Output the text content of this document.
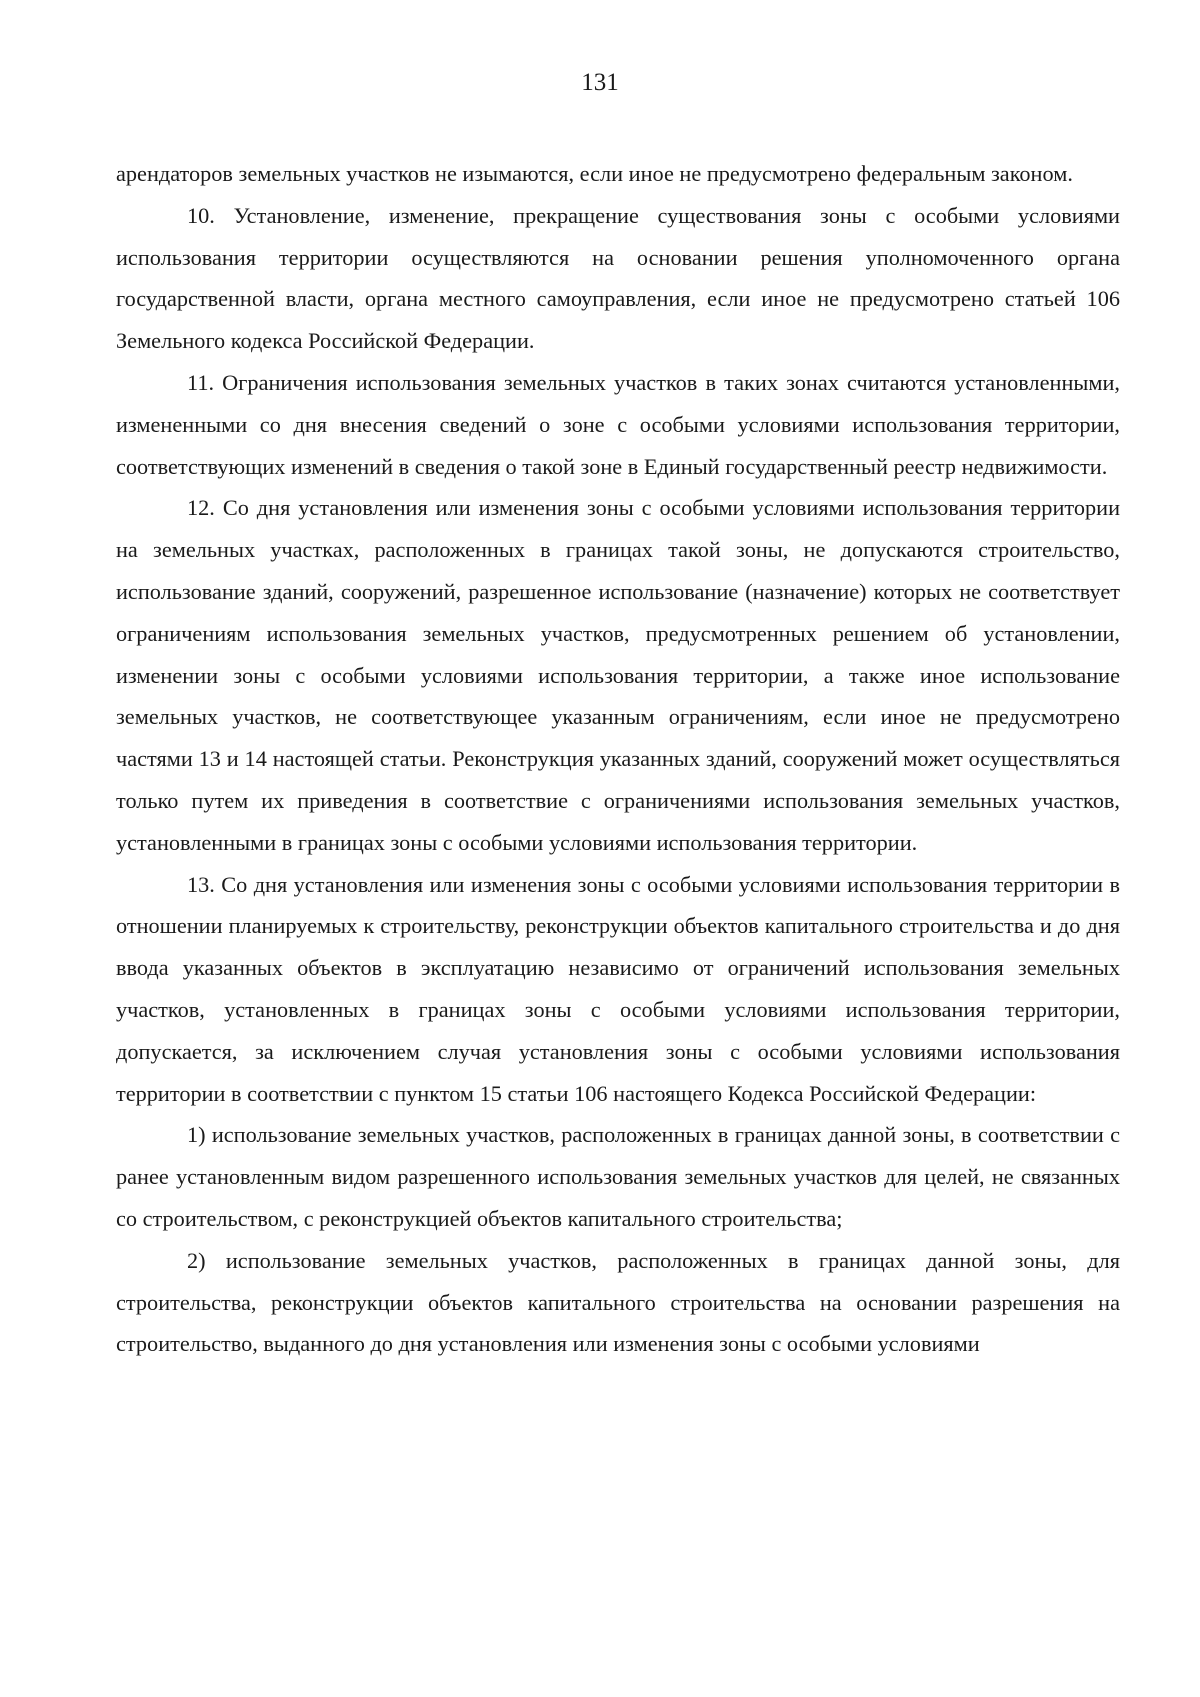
131

арендаторов земельных участков не изымаются, если иное не предусмотрено федеральным законом.

10. Установление, изменение, прекращение существования зоны с особыми условиями использования территории осуществляются на основании решения уполномоченного органа государственной власти, органа местного самоуправления, если иное не предусмотрено статьей 106 Земельного кодекса Российской Федерации.

11. Ограничения использования земельных участков в таких зонах считаются установленными, измененными со дня внесения сведений о зоне с особыми условиями использования территории, соответствующих изменений в сведения о такой зоне в Единый государственный реестр недвижимости.

12. Со дня установления или изменения зоны с особыми условиями использования территории на земельных участках, расположенных в границах такой зоны, не допускаются строительство, использование зданий, сооружений, разрешенное использование (назначение) которых не соответствует ограничениям использования земельных участков, предусмотренных решением об установлении, изменении зоны с особыми условиями использования территории, а также иное использование земельных участков, не соответствующее указанным ограничениям, если иное не предусмотрено частями 13 и 14 настоящей статьи. Реконструкция указанных зданий, сооружений может осуществляться только путем их приведения в соответствие с ограничениями использования земельных участков, установленными в границах зоны с особыми условиями использования территории.

13. Со дня установления или изменения зоны с особыми условиями использования территории в отношении планируемых к строительству, реконструкции объектов капитального строительства и до дня ввода указанных объектов в эксплуатацию независимо от ограничений использования земельных участков, установленных в границах зоны с особыми условиями использования территории, допускается, за исключением случая установления зоны с особыми условиями использования территории в соответствии с пунктом 15 статьи 106 настоящего Кодекса Российской Федерации:

1) использование земельных участков, расположенных в границах данной зоны, в соответствии с ранее установленным видом разрешенного использования земельных участков для целей, не связанных со строительством, с реконструкцией объектов капитального строительства;

2) использование земельных участков, расположенных в границах данной зоны, для строительства, реконструкции объектов капитального строительства на основании разрешения на строительство, выданного до дня установления или изменения зоны с особыми условиями
